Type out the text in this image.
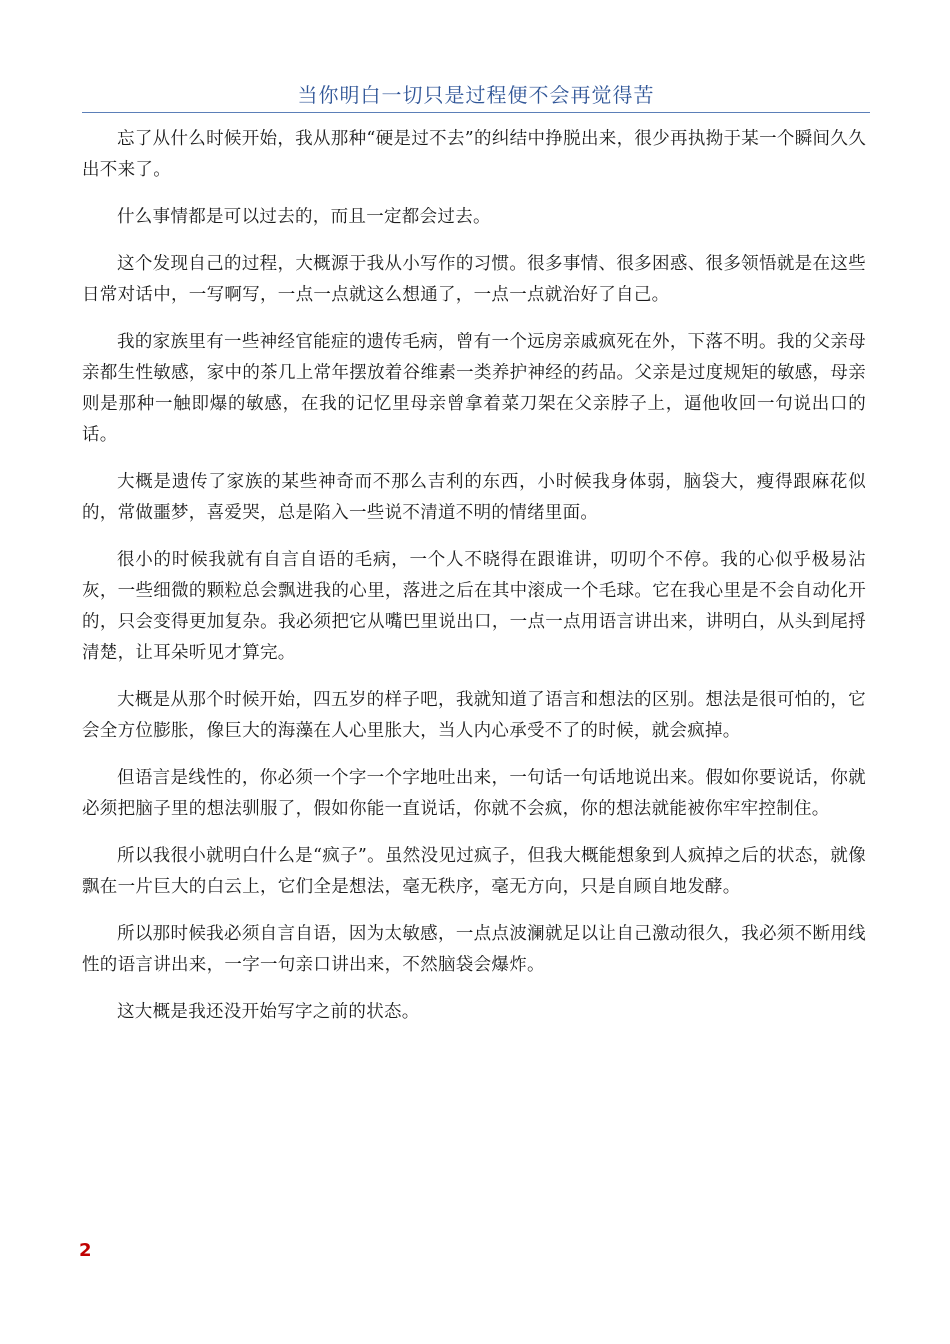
当你明白一切只是过程便不会再觉得苦

忘了从什么时候开始，我从那种“硬是过不去”的纠结中挣脱出来，很少再执拗于某一个瞬间久久出不来了。

什么事情都是可以过去的，而且一定都会过去。

这个发现自己的过程，大概源于我从小写作的习惯。很多事情、很多困惑、很多领悟就是在这些日常对话中，一写啊写，一点一点就这么想通了，一点一点就治好了自己。

我的家族里有一些神经官能症的遗传毛病，曾有一个远房亲戚疯死在外，下落不明。我的父亲母亲都生性敏感，家中的茶几上常年摆放着谷维素一类养护神经的药品。父亲是过度规矩的敏感，母亲则是那种一触即爆的敏感，在我的记忆里母亲曾拿着菜刀架在父亲脖子上，逼他收回一句说出口的话。

大概是遗传了家族的某些神奇而不那么吉利的东西，小时候我身体弱，脑袋大，瘦得跟麻花似的，常做噩梦，喜爱哭，总是陷入一些说不清道不明的情绪里面。

很小的时候我就有自言自语的毛病，一个人不晓得在跟谁讲，叨叨个不停。我的心似乎极易沾灰，一些细微的颗粒总会飘进我的心里，落进之后在其中滚成一个毛球。它在我心里是不会自动化开的，只会变得更加复杂。我必须把它从嘴巴里说出口，一点一点用语言讲出来，讲明白，从头到尾捋清楚，让耳朵听见才算完。

大概是从那个时候开始，四五岁的样子吧，我就知道了语言和想法的区别。想法是很可怕的，它会全方位膨胀，像巨大的海藻在人心里胀大，当人内心承受不了的时候，就会疯掉。

但语言是线性的，你必须一个字一个字地吐出来，一句话一句话地说出来。假如你要说话，你就必须把脑子里的想法驯服了，假如你能一直说话，你就不会疯，你的想法就能被你牢牢控制住。

所以我很小就明白什么是“疯子”。虽然没见过疯子，但我大概能想象到人疯掉之后的状态，就像飘在一片巨大的白云上，它们全是想法，毫无秩序，毫无方向，只是自顾自地发酵。

所以那时候我必须自言自语，因为太敏感，一点点波澜就足以让自己激动很久，我必须不断用线性的语言讲出来，一字一句亲口讲出来，不然脑袋会爆炸。

这大概是我还没开始写字之前的状态。

2
